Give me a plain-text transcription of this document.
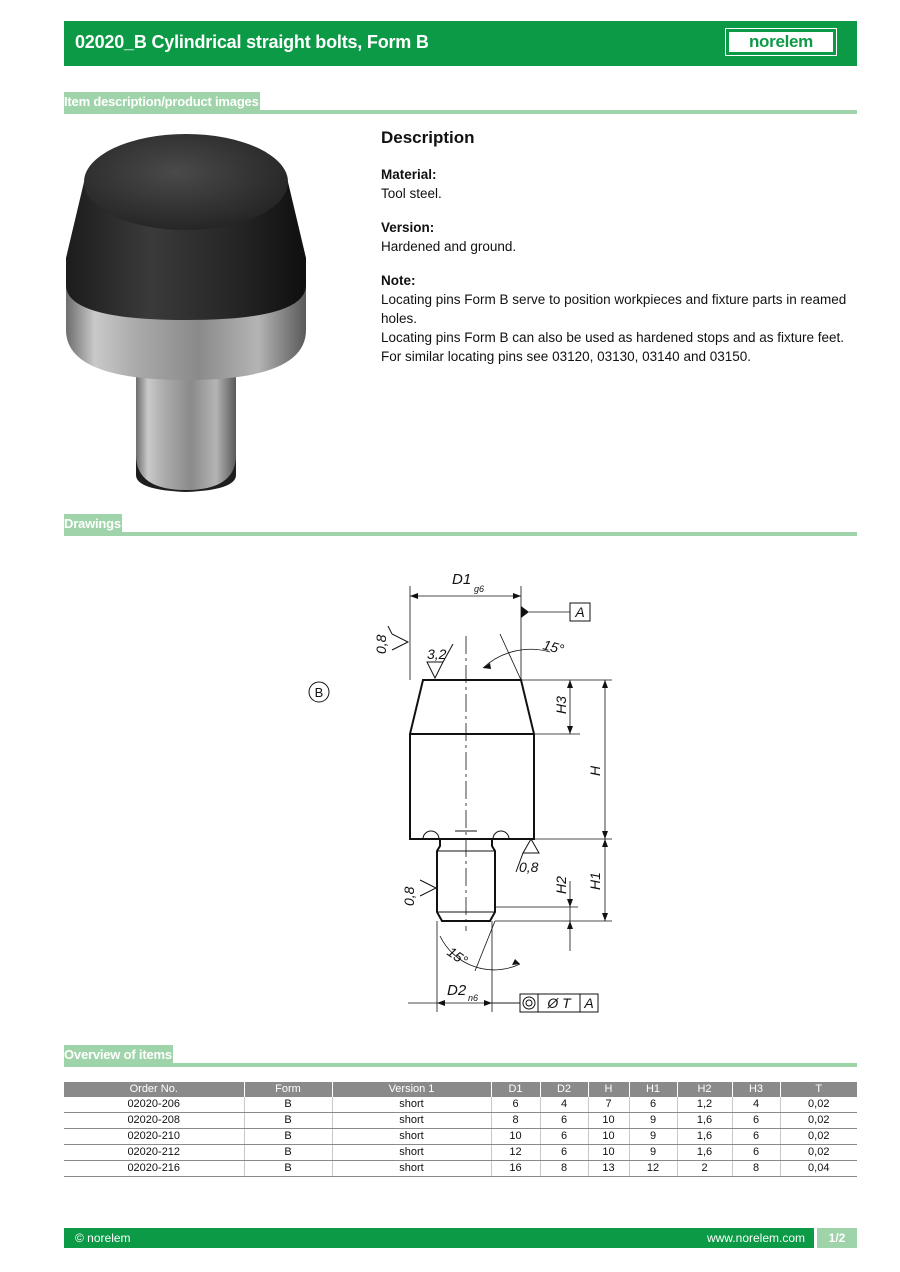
02020_B Cylindrical straight bolts, Form B	norelem
Item description/product images
Description
Material:

Tool steel.

Version:

Hardened and ground.

Note:

Locating pins Form B serve to position workpieces and fixture parts in reamed holes.

Locating pins Form B can also be used as hardened stops and as fixture feet.

For similar locating pins see 03120, 03130, 03140 and 03150.

Drawings
B
D1
g6
A
15°
0,8	3,2
H3
H
H1
H2
0,8
0,8
15°
D2 n6	Ø T A
Overview of items
Order No.	Form	Version 1	D1	D2	H	H1	H2	H3	T
02020-206	B	short	6	4	7	6	1,2	4	0,02
02020-208	B	short	8	6	10	9	1,6	6	0,02
02020-210	B	short	10	6	10	9	1,6	6	0,02
02020-212	B	short	12	6	10	9	1,6	6	0,02
02020-216	B	short	16	8	13	12	2	8	0,04
© norelem	www.norelem.com	1/2
